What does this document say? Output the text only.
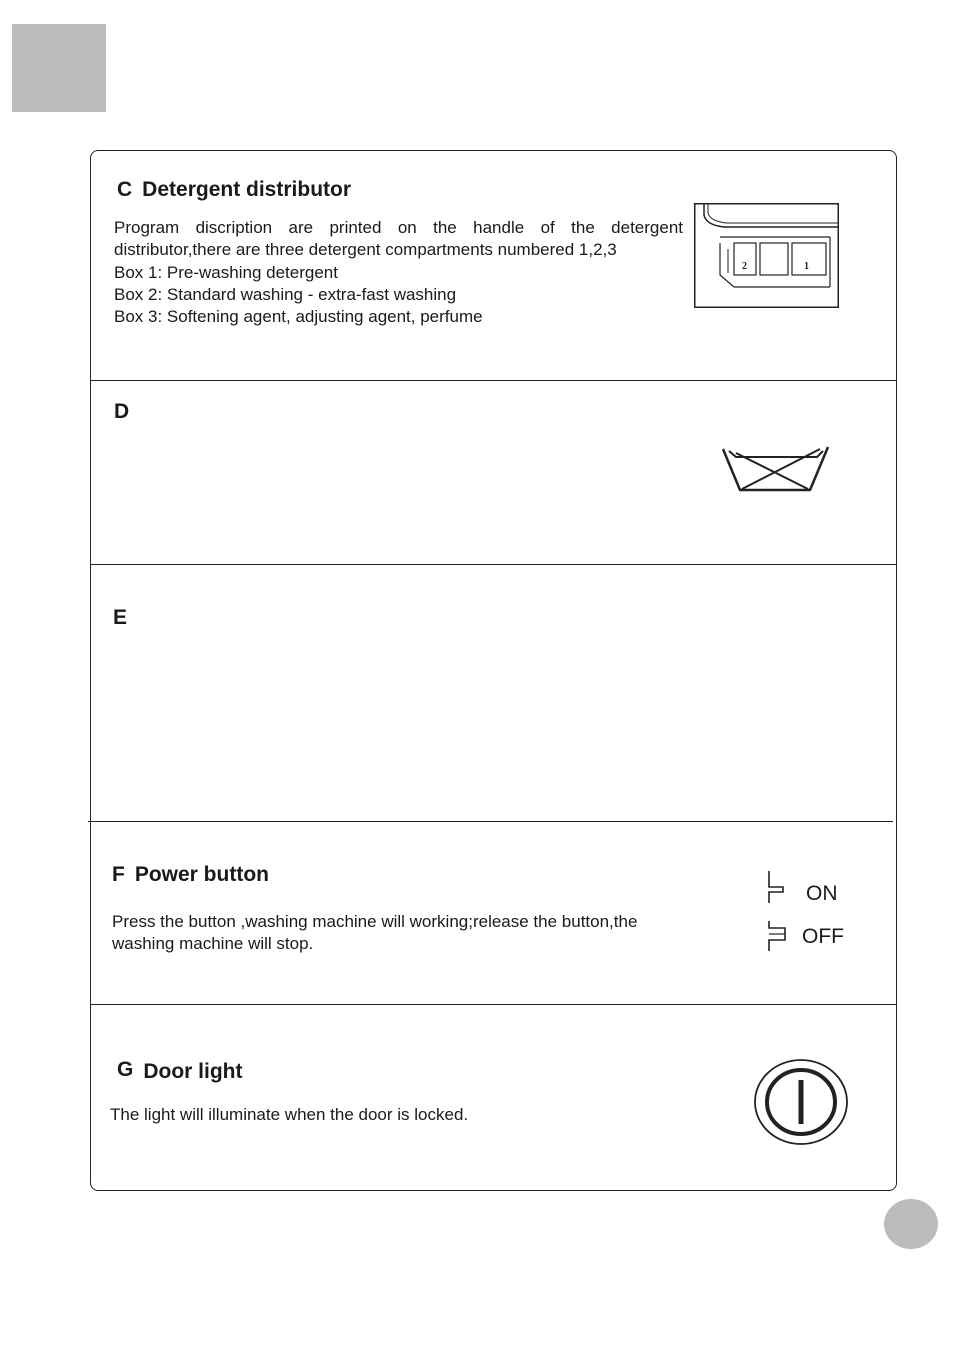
C Detergent distributor
Program discription are printed on the handle of the detergent
distributor,there are three detergent compartments numbered 1,2,3
Box 1: Pre-washing detergent
Box 2: Standard washing - extra-fast washing
Box 3: Softening agent, adjusting agent, perfume
2	1
D
E
F Power button
Press the button ,washing machine will working;release the button,the
washing machine will stop.
ON
OFF
G Door light
The light will illuminate when the door is locked.
